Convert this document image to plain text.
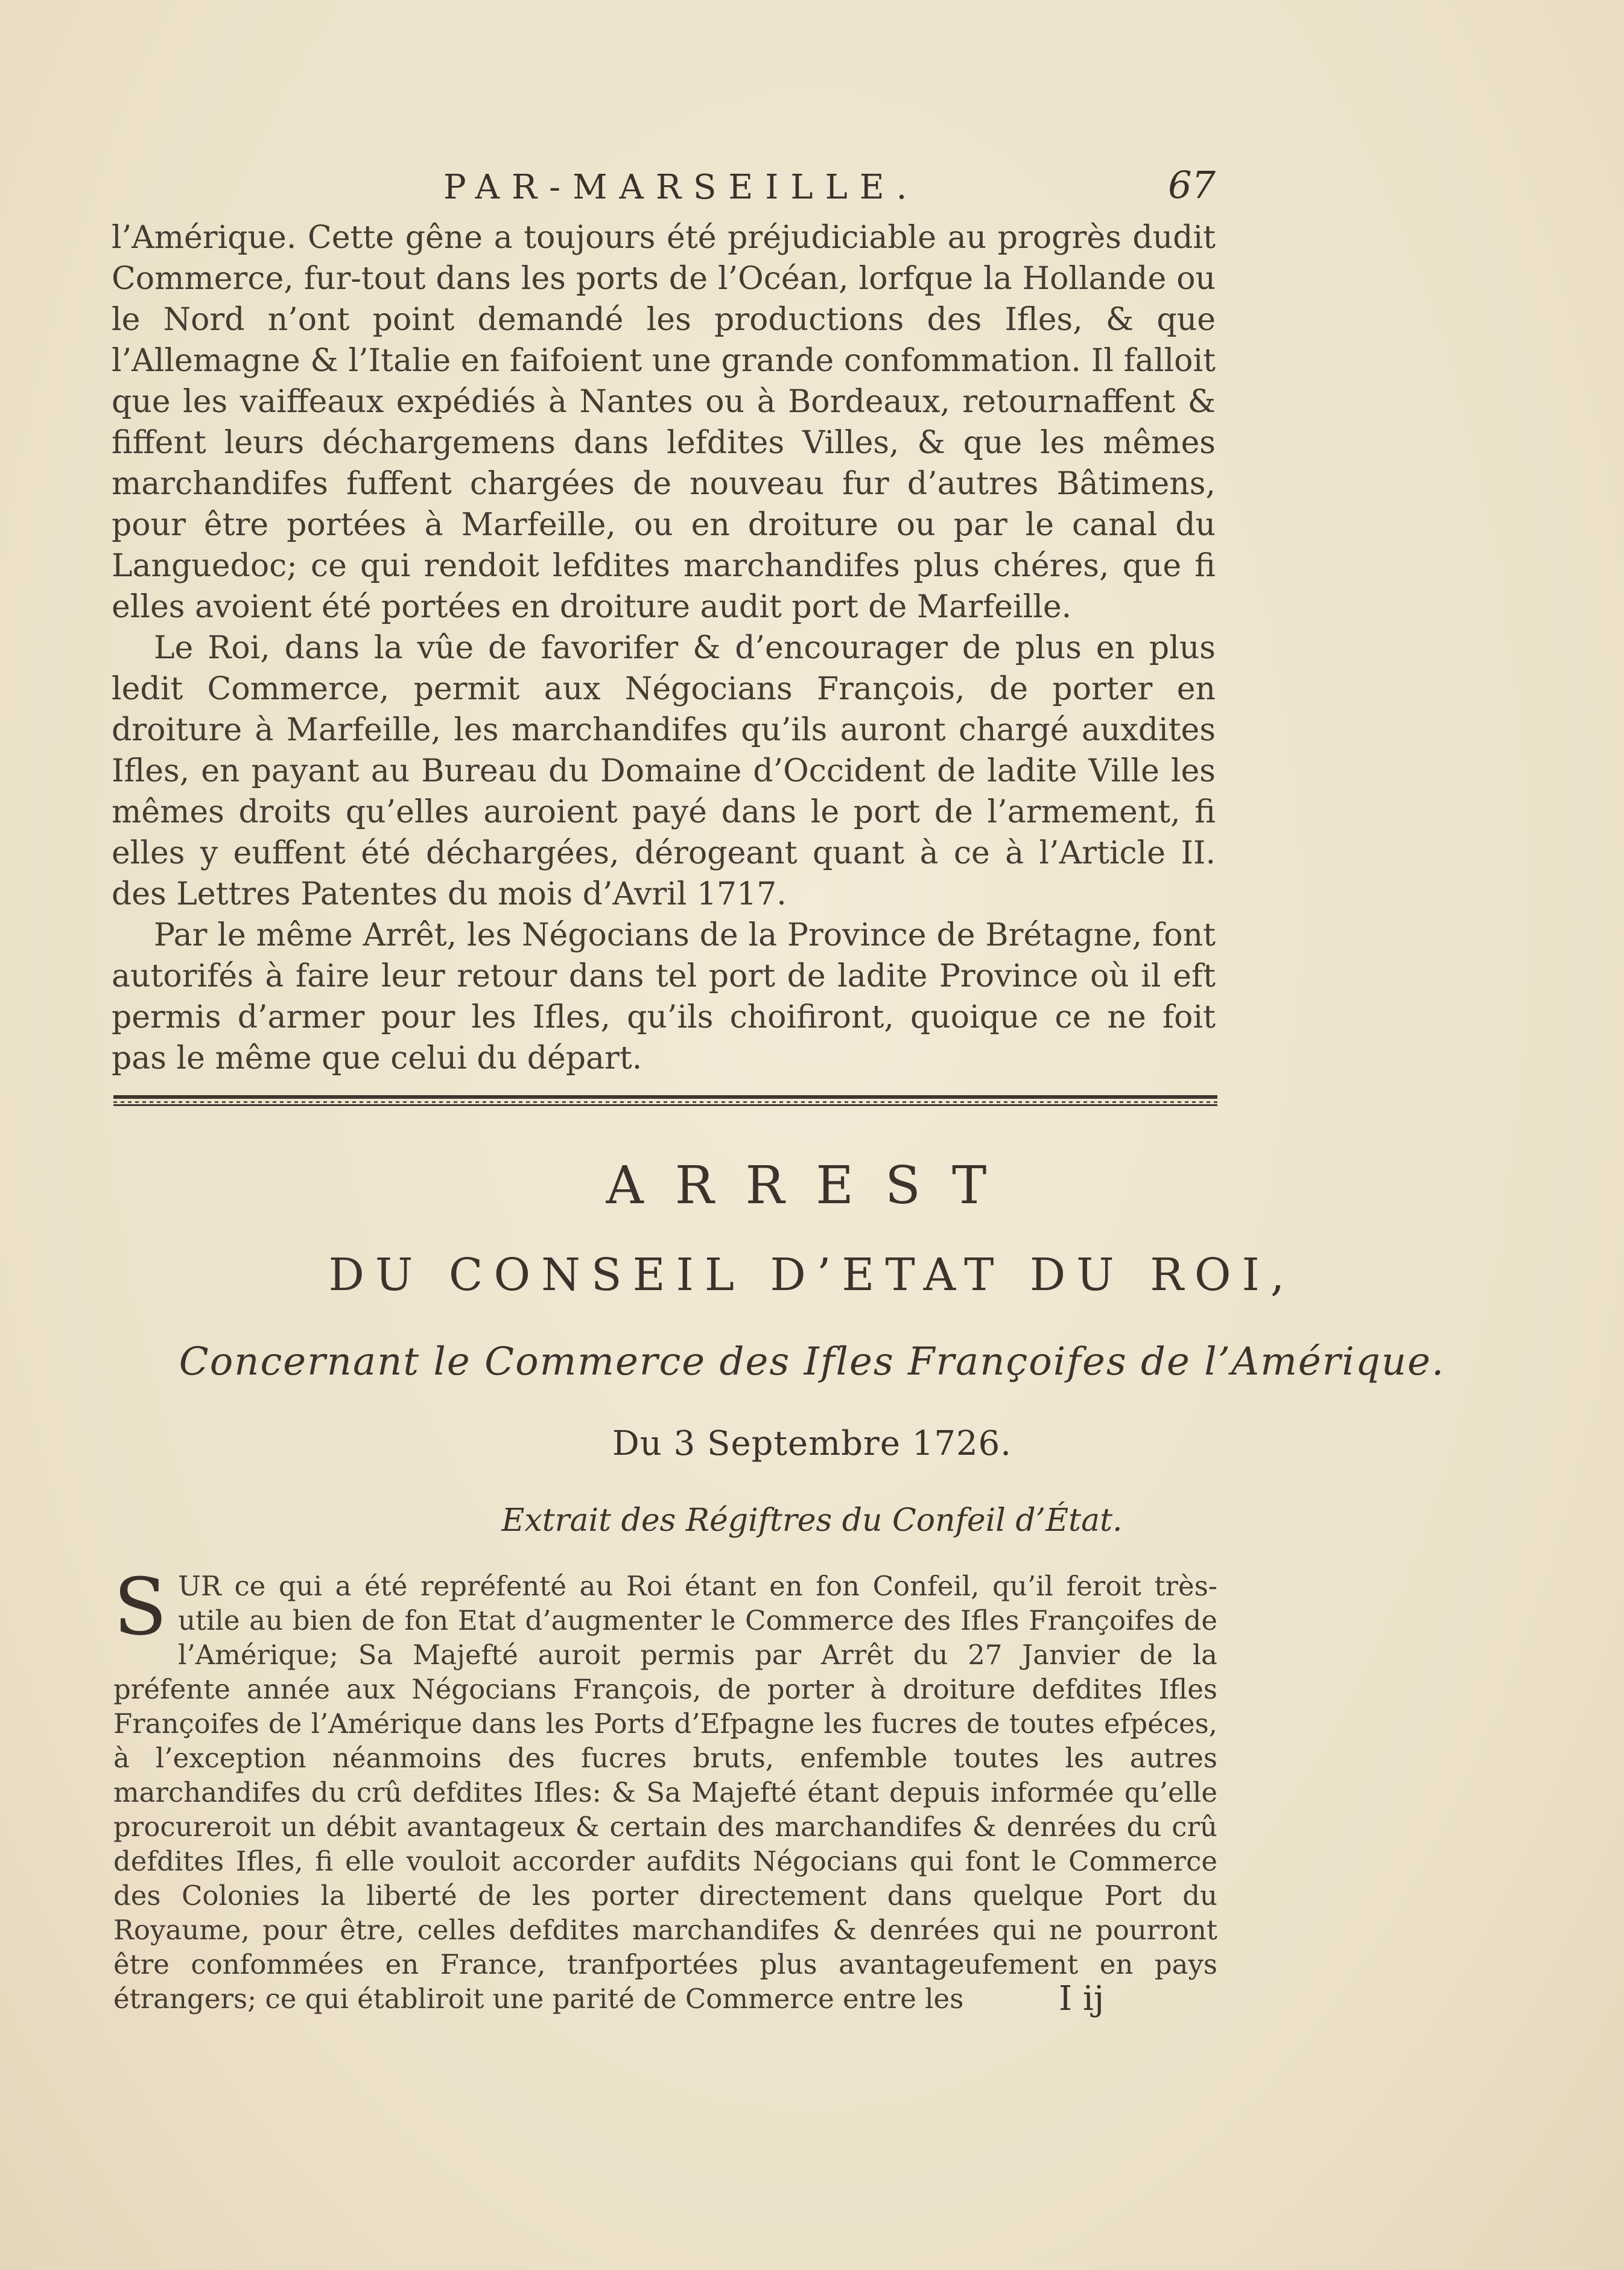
PAR-MARSEILLE.	67

l’Amérique. Cette gêne a toujours été préjudiciable au progrès dudit Commerce, fur-tout dans les ports de l’Océan, lorfque la Hollande ou le Nord n’ont point demandé les productions des Ifles, & que l’Allemagne & l’Italie en faifoient une grande confommation. Il falloit que les vaiffeaux expédiés à Nantes ou à Bordeaux, retournaffent & fiffent leurs déchargemens dans lefdites Villes, & que les mêmes marchandifes fuffent chargées de nouveau fur d’autres Bâtimens, pour être portées à Marfeille, ou en droiture ou par le canal du Languedoc; ce qui rendoit lefdites marchandifes plus chéres, que fi elles avoient été portées en droiture audit port de Marfeille.

Le Roi, dans la vûe de favorifer & d’encourager de plus en plus ledit Commerce, permit aux Négocians François, de porter en droiture à Marfeille, les marchandifes qu’ils auront chargé auxdites Ifles, en payant au Bureau du Domaine d’Occident de ladite Ville les mêmes droits qu’elles auroient payé dans le port de l’armement, fi elles y euffent été déchargées, dérogeant quant à ce à l’Article II. des Lettres Patentes du mois d’Avril 1717.

Par le même Arrêt, les Négocians de la Province de Brétagne, font autorifés à faire leur retour dans tel port de ladite Province où il eft permis d’armer pour les Ifles, qu’ils choifiront, quoique ce ne foit pas le même que celui du départ.

ARREST
DU CONSEIL D’ETAT DU ROI,
Concernant le Commerce des Ifles Françoifes de l’Amérique.
Du 3 Septembre 1726.
Extrait des Régiftres du Confeil d’État.
SUR ce qui a été repréfenté au Roi étant en fon Confeil, qu’il feroit très-utile au bien de fon Etat d’augmenter le Commerce des Ifles Françoifes de l’Amérique; Sa Majefté auroit permis par Arrêt du 27 Janvier de la préfente année aux Négocians François, de porter à droiture defdites Ifles Françoifes de l’Amérique dans les Ports d’Efpagne les fucres de toutes efpéces, à l’exception néanmoins des fucres bruts, enfemble toutes les autres marchandifes du crû defdites Ifles: & Sa Majefté étant depuis informée qu’elle procureroit un débit avantageux & certain des marchandifes & denrées du crû defdites Ifles, fi elle vouloit accorder aufdits Négocians qui font le Commerce des Colonies la liberté de les porter directement dans quelque Port du Royaume, pour être, celles defdites marchandifes & denrées qui ne pourront être confommées en France, tranfportées plus avantageufement en pays étrangers; ce qui établiroit une parité de Commerce entre les	I ij
